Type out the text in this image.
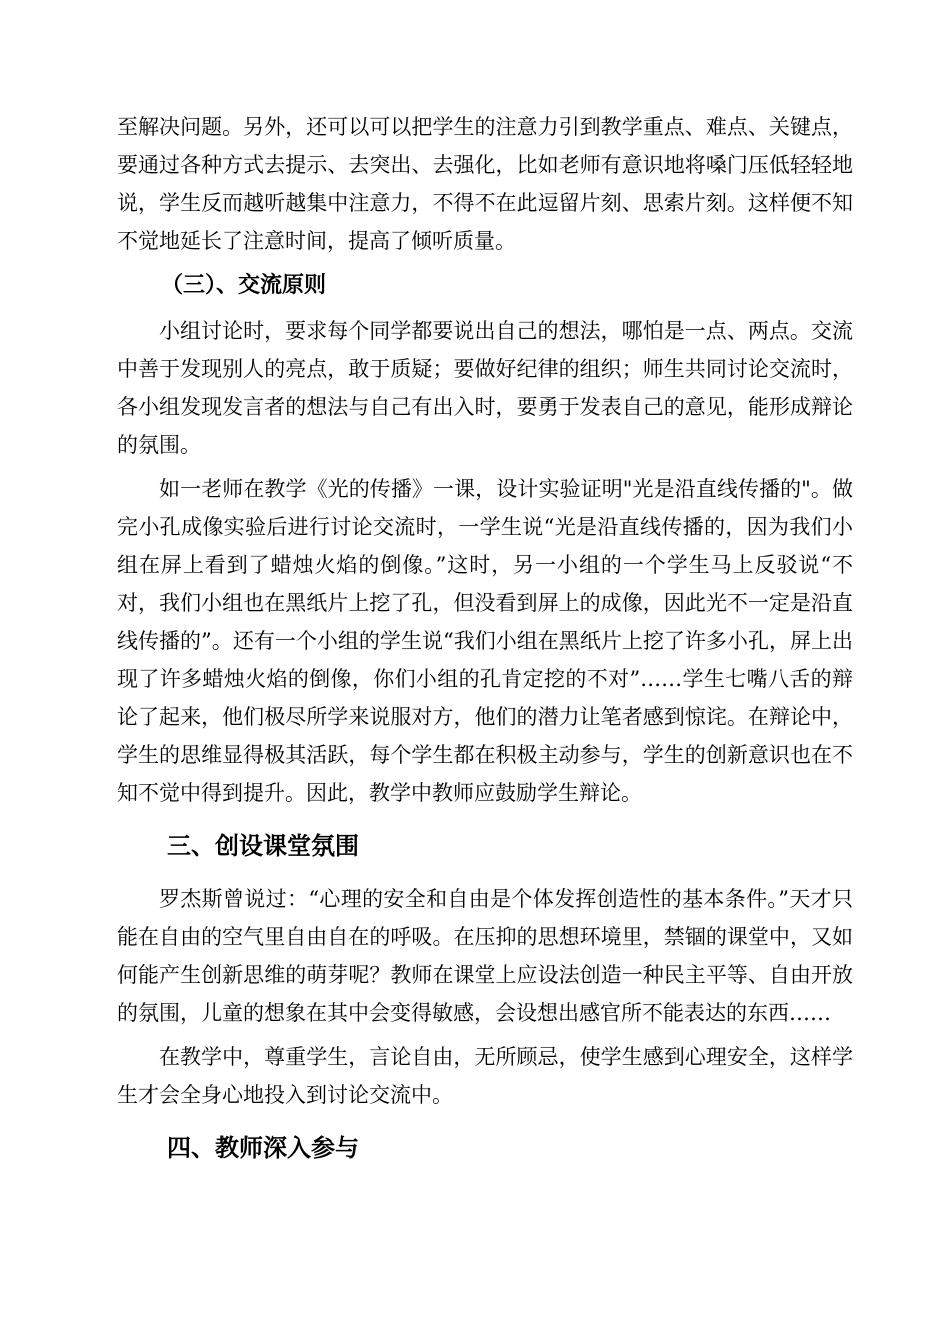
至解决问题。另外，还可以可以把学生的注意力引到教学重点、难点、关键点，要通过各种方式去提示、去突出、去强化，比如老师有意识地将嗓门压低轻轻地说，学生反而越听越集中注意力，不得不在此逗留片刻、思索片刻。这样便不知不觉地延长了注意时间，提高了倾听质量。

（三）、交流原则

小组讨论时，要求每个同学都要说出自己的想法，哪怕是一点、两点。交流中善于发现别人的亮点，敢于质疑；要做好纪律的组织；师生共同讨论交流时，各小组发现发言者的想法与自己有出入时，要勇于发表自己的意见，能形成辩论的氛围。

如一老师在教学《光的传播》一课，设计实验证明"光是沿直线传播的"。做完小孔成像实验后进行讨论交流时，一学生说“光是沿直线传播的，因为我们小组在屏上看到了蜡烛火焰的倒像。”这时，另一小组的一个学生马上反驳说“不对，我们小组也在黑纸片上挖了孔，但没看到屏上的成像，因此光不一定是沿直线传播的”。还有一个小组的学生说“我们小组在黑纸片上挖了许多小孔，屏上出现了许多蜡烛火焰的倒像，你们小组的孔肯定挖的不对”……学生七嘴八舌的辩论了起来，他们极尽所学来说服对方，他们的潜力让笔者感到惊诧。在辩论中，学生的思维显得极其活跃，每个学生都在积极主动参与，学生的创新意识也在不知不觉中得到提升。因此，教学中教师应鼓励学生辩论。

三、创设课堂氛围

罗杰斯曾说过：“心理的安全和自由是个体发挥创造性的基本条件。”天才只能在自由的空气里自由自在的呼吸。在压抑的思想环境里，禁锢的课堂中，又如何能产生创新思维的萌芽呢？教师在课堂上应设法创造一种民主平等、自由开放的氛围，儿童的想象在其中会变得敏感，会设想出感官所不能表达的东西……

在教学中，尊重学生，言论自由，无所顾忌，使学生感到心理安全，这样学生才会全身心地投入到讨论交流中。

四、教师深入参与
